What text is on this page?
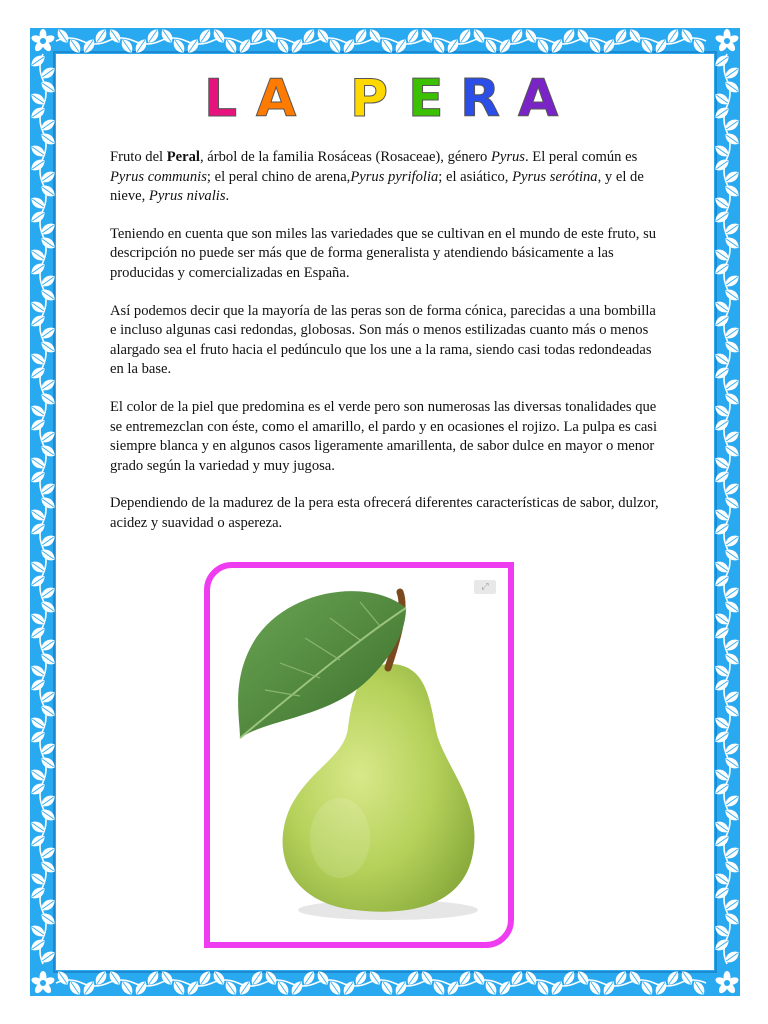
L A P E R A

Fruto del Peral, árbol de la familia Rosáceas (Rosaceae), género Pyrus. El peral común es Pyrus communis; el peral chino de arena,Pyrus pyrifolia; el asiático, Pyrus serótina, y el de nieve, Pyrus nivalis.

Teniendo en cuenta que son miles las variedades que se cultivan en el mundo de este fruto, su descripción no puede ser más que de forma generalista y atendiendo básicamente a las producidas y comercializadas en España.

Así podemos decir que la mayoría de las peras son de forma cónica, parecidas a una bombilla e incluso algunas casi redondas, globosas. Son más o menos estilizadas cuanto más o menos alargado sea el fruto hacia el pedúnculo que los une a la rama, siendo casi todas redondeadas en la base.

El color de la piel que predomina es el verde pero son numerosas las diversas tonalidades que se entremezclan con éste, como el amarillo, el pardo y en ocasiones el rojizo. La pulpa es casi siempre blanca y en algunos casos ligeramente amarillenta, de sabor dulce en mayor o menor grado según la variedad y muy jugosa.

Dependiendo de la madurez de la pera esta ofrecerá diferentes características de sabor, dulzor, acidez y suavidad o aspereza.

⤢
